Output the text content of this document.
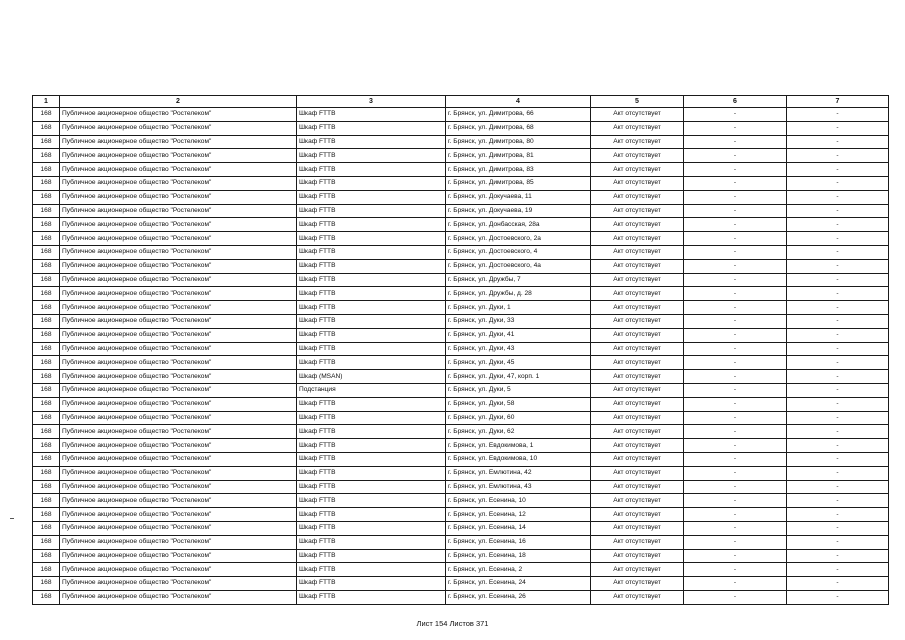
1	2	3	4	5	6	7
168	Публичное акционерное общество "Ростелеком"	Шкаф FTTB	г. Брянск, ул. Димитрова, 66	Акт отсутствует	-	-
168	Публичное акционерное общество "Ростелеком"	Шкаф FTTB	г. Брянск, ул. Димитрова, 68	Акт отсутствует	-	-
168	Публичное акционерное общество "Ростелеком"	Шкаф FTTB	г. Брянск, ул. Димитрова, 80	Акт отсутствует	-	-
168	Публичное акционерное общество "Ростелеком"	Шкаф FTTB	г. Брянск, ул. Димитрова, 81	Акт отсутствует	-	-
168	Публичное акционерное общество "Ростелеком"	Шкаф FTTB	г. Брянск, ул. Димитрова, 83	Акт отсутствует	-	-
168	Публичное акционерное общество "Ростелеком"	Шкаф FTTB	г. Брянск, ул. Димитрова, 85	Акт отсутствует	-	-
168	Публичное акционерное общество "Ростелеком"	Шкаф FTTB	г. Брянск, ул. Докучаева, 11	Акт отсутствует	-	-
168	Публичное акционерное общество "Ростелеком"	Шкаф FTTB	г. Брянск, ул. Докучаева, 19	Акт отсутствует	-	-
168	Публичное акционерное общество "Ростелеком"	Шкаф FTTB	г. Брянск, ул. Донбасская, 28а	Акт отсутствует	-	-
168	Публичное акционерное общество "Ростелеком"	Шкаф FTTB	г. Брянск, ул. Достоевского, 2а	Акт отсутствует	-	-
168	Публичное акционерное общество "Ростелеком"	Шкаф FTTB	г. Брянск, ул. Достоевского, 4	Акт отсутствует	-	-
168	Публичное акционерное общество "Ростелеком"	Шкаф FTTB	г. Брянск, ул. Достоевского, 4а	Акт отсутствует	-	-
168	Публичное акционерное общество "Ростелеком"	Шкаф FTTB	г. Брянск, ул. Дружбы, 7	Акт отсутствует	-	-
168	Публичное акционерное общество "Ростелеком"	Шкаф FTTB	г. Брянск, ул. Дружбы, д. 28	Акт отсутствует	-	-
168	Публичное акционерное общество "Ростелеком"	Шкаф FTTB	г. Брянск, ул. Дуки, 1	Акт отсутствует	-	-
168	Публичное акционерное общество "Ростелеком"	Шкаф FTTB	г. Брянск, ул. Дуки, 33	Акт отсутствует	-	-
168	Публичное акционерное общество "Ростелеком"	Шкаф FTTB	г. Брянск, ул. Дуки, 41	Акт отсутствует	-	-
168	Публичное акционерное общество "Ростелеком"	Шкаф FTTB	г. Брянск, ул. Дуки, 43	Акт отсутствует	-	-
168	Публичное акционерное общество "Ростелеком"	Шкаф FTTB	г. Брянск, ул. Дуки, 45	Акт отсутствует	-	-
168	Публичное акционерное общество "Ростелеком"	Шкаф (MSAN)	г. Брянск, ул. Дуки, 47, корп. 1	Акт отсутствует	-	-
168	Публичное акционерное общество "Ростелеком"	Подстанция	г. Брянск, ул. Дуки, 5	Акт отсутствует	-	-
168	Публичное акционерное общество "Ростелеком"	Шкаф FTTB	г. Брянск, ул. Дуки, 58	Акт отсутствует	-	-
168	Публичное акционерное общество "Ростелеком"	Шкаф FTTB	г. Брянск, ул. Дуки, 60	Акт отсутствует	-	-
168	Публичное акционерное общество "Ростелеком"	Шкаф FTTB	г. Брянск, ул. Дуки, 62	Акт отсутствует	-	-
168	Публичное акционерное общество "Ростелеком"	Шкаф FTTB	г. Брянск, ул. Евдокимова, 1	Акт отсутствует	-	-
168	Публичное акционерное общество "Ростелеком"	Шкаф FTTB	г. Брянск, ул. Евдокимова, 10	Акт отсутствует	-	-
168	Публичное акционерное общество "Ростелеком"	Шкаф FTTB	г. Брянск, ул. Емлютина, 42	Акт отсутствует	-	-
168	Публичное акционерное общество "Ростелеком"	Шкаф FTTB	г. Брянск, ул. Емлютина, 43	Акт отсутствует	-	-
168	Публичное акционерное общество "Ростелеком"	Шкаф FTTB	г. Брянск, ул. Есенина, 10	Акт отсутствует	-	-
168	Публичное акционерное общество "Ростелеком"	Шкаф FTTB	г. Брянск, ул. Есенина, 12	Акт отсутствует	-	-
168	Публичное акционерное общество "Ростелеком"	Шкаф FTTB	г. Брянск, ул. Есенина, 14	Акт отсутствует	-	-
168	Публичное акционерное общество "Ростелеком"	Шкаф FTTB	г. Брянск, ул. Есенина, 16	Акт отсутствует	-	-
168	Публичное акционерное общество "Ростелеком"	Шкаф FTTB	г. Брянск, ул. Есенина, 18	Акт отсутствует	-	-
168	Публичное акционерное общество "Ростелеком"	Шкаф FTTB	г. Брянск, ул. Есенина, 2	Акт отсутствует	-	-
168	Публичное акционерное общество "Ростелеком"	Шкаф FTTB	г. Брянск, ул. Есенина, 24	Акт отсутствует	-	-
168	Публичное акционерное общество "Ростелеком"	Шкаф FTTB	г. Брянск, ул. Есенина, 26	Акт отсутствует	-	-
Лист 154 Листов 371
